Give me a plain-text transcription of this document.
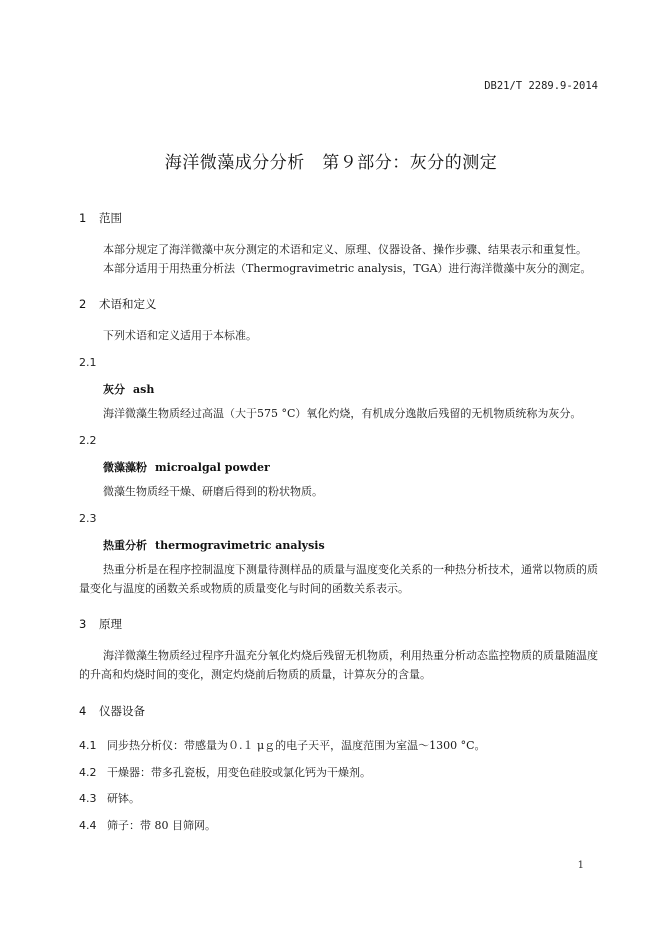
DB21/T 2289.9-2014
海洋微藻成分分析　第９部分：灰分的测定
1 范围
本部分规定了海洋微藻中灰分测定的术语和定义、原理、仪器设备、操作步骤、结果表示和重复性。
本部分适用于用热重分析法（Thermogravimetric analysis，TGA）进行海洋微藻中灰分的测定。
2 术语和定义
下列术语和定义适用于本标准。
2.1
灰分 ash
海洋微藻生物质经过高温（大于575 °C）氧化灼烧，有机成分逸散后残留的无机物质统称为灰分。
2.2
微藻藻粉 microalgal powder
微藻生物质经干燥、研磨后得到的粉状物质。
2.3
热重分析 thermogravimetric analysis
热重分析是在程序控制温度下测量待测样品的质量与温度变化关系的一种热分析技术，通常以物质的质量变化与温度的函数关系或物质的质量变化与时间的函数关系表示。
3 原理
海洋微藻生物质经过程序升温充分氧化灼烧后残留无机物质，利用热重分析动态监控物质的质量随温度的升高和灼烧时间的变化，测定灼烧前后物质的质量，计算灰分的含量。
4 仪器设备
4.1 同步热分析仪：带感量为０.１ μｇ的电子天平，温度范围为室温～1300 °C。
4.2 干燥器：带多孔瓷板，用变色硅胶或氯化钙为干燥剂。
4.3 研钵。
4.4 筛子：带 80 目筛网。
1
